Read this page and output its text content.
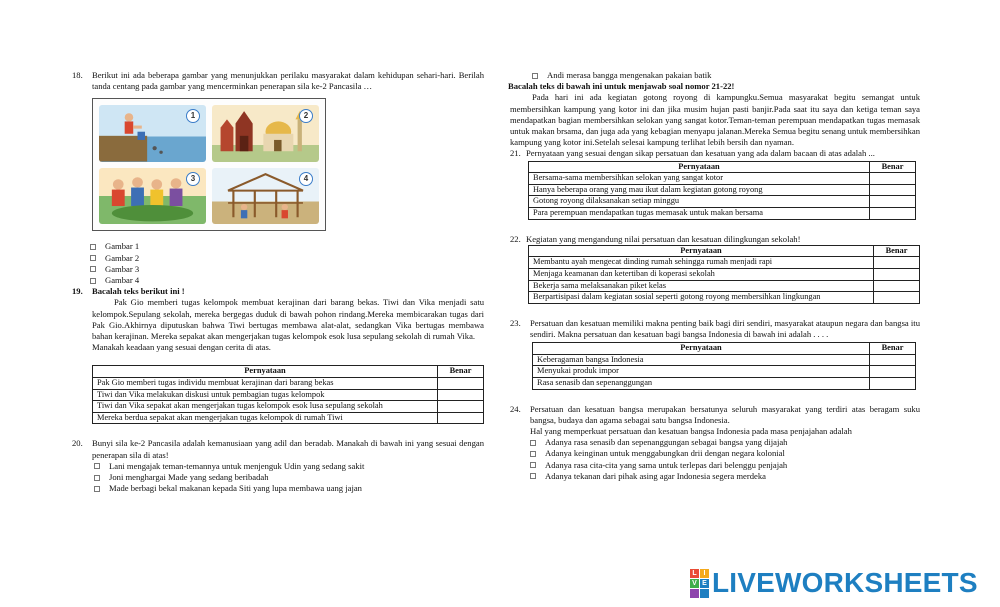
18.	Berikut ini ada beberapa gambar yang menunjukkan perilaku masyarakat dalam kehidupan sehari-hari. Berilah tanda centang pada gambar yang mencerminkan penerapan sila ke-2 Pancasila …
1	2
3	4
Gambar 1
Gambar 2
Gambar 3
Gambar 4
19.	Bacalah teks berikut ini !
Pak Gio memberi tugas kelompok membuat kerajinan dari barang bekas. Tiwi dan Vika menjadi satu kelompok.Sepulang sekolah, mereka bergegas duduk di bawah pohon rindang.Mereka membicarakan tugas dari Pak Gio.Akhirnya diputuskan bahwa Tiwi bertugas membawa alat-alat, sedangkan Vika bertugas membawa bahan kerajinan. Mereka sepakat akan mengerjakan tugas kelompok esok lusa sepulang sekolah di rumah Vika.
Manakah keadaan yang sesuai dengan cerita di atas.
Pernyataan	Benar
Pak Gio memberi tugas individu membuat kerajinan dari barang bekas	
Tiwi dan Vika melakukan diskusi untuk pembagian tugas kelompok	
Tiwi dan Vika sepakat akan mengerjakan tugas kelompok esok lusa sepulang sekolah	
Mereka berdua sepakat akan mengerjakan tugas kelompok di rumah Tiwi	
20.	Bunyi sila ke-2 Pancasila adalah kemanusiaan yang adil dan beradab. Manakah di bawah ini yang sesuai dengan penerapan sila di atas!
Lani mengajak teman-temannya untuk menjenguk Udin yang sedang sakit
Joni menghargai Made yang sedang beribadah
Made berbagi bekal makanan kepada Siti yang lupa membawa uang jajan
Andi merasa bangga mengenakan pakaian batik
Bacalah teks di bawah ini untuk menjawab soal nomor 21-22!
Pada hari ini ada kegiatan gotong royong di kampungku.Semua masyarakat begitu semangat untuk membersihkan kampung yang kotor ini dan jika musim hujan pasti banjir.Pada saat itu saya dan ketiga teman saya mendapatkan bagian membersihkan selokan yang sangat kotor.Teman-teman perempuan mendapatkan tugas memasak untuk makan brsama, dan juga ada yang kebagian menyapu jalanan.Mereka Semua begitu senang untuk membersihkan kampung yang kotor ini.Setelah selesai kampung terlihat lebih bersih dan nyaman.
21. Pernyataan yang sesuai dengan sikap persatuan dan kesatuan yang ada dalam bacaan di atas adalah ...
Pernyataan	Benar
Bersama-sama membersihkan selokan yang sangat kotor	
Hanya beberapa orang yang mau ikut dalam kegiatan gotong royong	
Gotong royong dilaksanakan setiap minggu	
Para perempuan mendapatkan tugas memasak untuk makan bersama	
22. Kegiatan yang mengandung nilai persatuan dan kesatuan dilingkungan sekolah!
Pernyataan	Benar
Membantu ayah mengecat dinding rumah sehingga rumah menjadi rapi	
Menjaga keamanan dan ketertiban di koperasi sekolah	
Bekerja sama melaksanakan piket kelas	
Berpartisipasi dalam kegiatan sosial seperti gotong royong membersihkan lingkungan	
23.	Persatuan dan kesatuan memiliki makna penting baik bagi diri sendiri, masyarakat ataupun negara dan bangsa itu sendiri. Makna persatuan dan kesatuan bagi bangsa Indonesia di bawah ini adalah . . . .
Pernyataan	Benar
Keberagaman bangsa Indonesia	
Menyukai produk impor	
Rasa senasib dan sepenanggungan	
24.	Persatuan dan kesatuan bangsa merupakan bersatunya seluruh masyarakat yang terdiri atas beragam suku bangsa, budaya dan agama sebagai satu bangsa Indonesia.
Hal yang memperkuat persatuan dan kesatuan bangsa Indonesia pada masa penjajahan adalah
Adanya rasa senasib dan sepenanggungan sebagai bangsa yang dijajah
Adanya keinginan untuk menggabungkan drii dengan negara kolonial
Adanya rasa cita-cita yang sama untuk terlepas dari belenggu penjajah
Adanya tekanan dari pihak asing agar Indonesia segera merdeka
L I
V E LIVEWORKSHEETS
